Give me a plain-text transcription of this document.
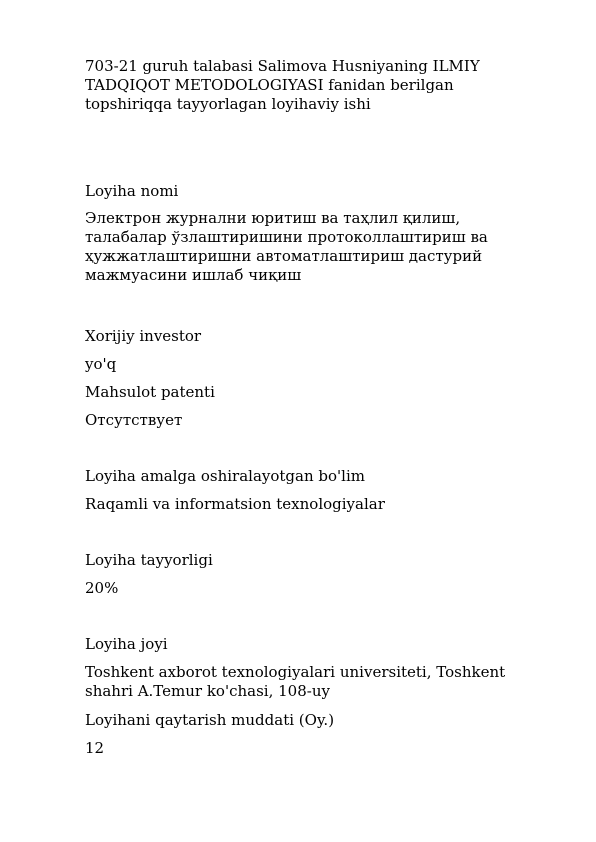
703-21 guruh talabasi Salimova Husniyaning ILMIY TADQIQOT METODOLOGIYASI fanidan berilgan topshiriqqa tayyorlagan loyihaviy ishi

Loyiha nomi

Электрон журнални юритиш ва таҳлил қилиш, талабалар ўзлаштиришини протоколлаштириш ва ҳужжатлаштиришни автоматлаштириш дастурий мажмуасини ишлаб чиқиш

Xorijiy investor

yo'q

Mahsulot patenti

Отсутствует

Loyiha amalga oshiralayotgan bo'lim

Raqamli va informatsion texnologiyalar

Loyiha tayyorligi

20%

Loyiha joyi

Toshkent axborot texnologiyalari universiteti, Toshkent shahri A.Temur ko'chasi, 108-uy

Loyihani qaytarish muddati (Oy.)

12
